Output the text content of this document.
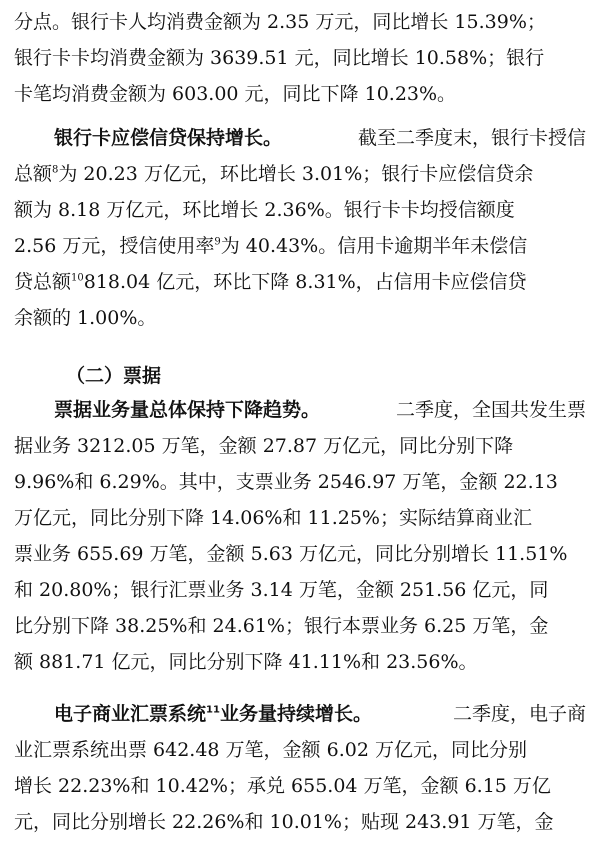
分点。银行卡人均消费金额为 2.35 万元，同比增长 15.39%；
银行卡卡均消费金额为 3639.51 元，同比增长 10.58%；银行
卡笔均消费金额为 603.00 元，同比下降 10.23%。
银行卡应偿信贷保持增长。	截至二季度末，银行卡授信
总额$^8$为 20.23 万亿元，环比增长 3.01%；银行卡应偿信贷余
额为 8.18 万亿元，环比增长 2.36%。银行卡卡均授信额度
2.56 万元，授信使用率$^9$为 40.43%。信用卡逾期半年未偿信
贷总额$^{10}$818.04 亿元，环比下降 8.31%，占信用卡应偿信贷
余额的 1.00%。
（二）票据
票据业务量总体保持下降趋势。	二季度，全国共发生票
据业务 3212.05 万笔，金额 27.87 万亿元，同比分别下降
9.96%和 6.29%。其中，支票业务 2546.97 万笔，金额 22.13
万亿元，同比分别下降 14.06%和 11.25%；实际结算商业汇
票业务 655.69 万笔，金额 5.63 万亿元，同比分别增长 11.51%
和 20.80%；银行汇票业务 3.14 万笔，金额 251.56 亿元，同
比分别下降 38.25%和 24.61%；银行本票业务 6.25 万笔，金
额 881.71 亿元，同比分别下降 41.11%和 23.56%。
电子商业汇票系统$^{11}$业务量持续增长。	二季度，电子商
业汇票系统出票 642.48 万笔，金额 6.02 万亿元，同比分别
增长 22.23%和 10.42%；承兑 655.04 万笔，金额 6.15 万亿
元，同比分别增长 22.26%和 10.01%；贴现 243.91 万笔，金
